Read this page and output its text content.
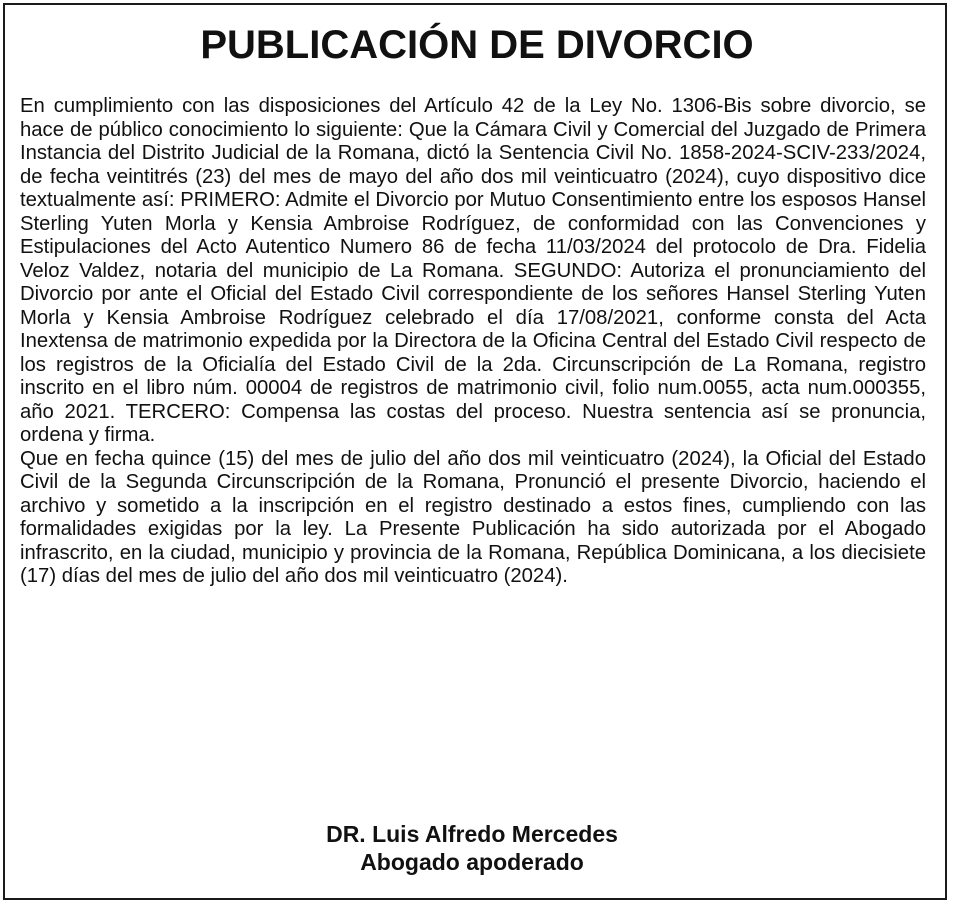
PUBLICACIÓN DE DIVORCIO

En cumplimiento con las disposiciones del Artículo 42 de la Ley No. 1306-Bis sobre divorcio, se hace de público conocimiento lo siguiente: Que la Cámara Civil y Comercial del Juzgado de Primera Instancia del Distrito Judicial de la Romana, dictó la Sentencia Civil No. 1858-2024-SCIV-233/2024, de fecha veintitrés (23) del mes de mayo del año dos mil veinticuatro (2024), cuyo dispositivo dice textualmente así: PRIMERO: Admite el Divorcio por Mutuo Consentimiento entre los esposos Hansel Sterling Yuten Morla y Kensia Ambroise Rodríguez, de conformidad con las Convenciones y Estipulaciones del Acto Autentico Numero 86 de fecha 11/03/2024 del protocolo de Dra. Fidelia Veloz Valdez, notaria del municipio de La Romana. SEGUNDO: Autoriza el pronunciamiento del Divorcio por ante el Oficial del Estado Civil correspondiente de los señores Hansel Sterling Yuten Morla y Kensia Ambroise Rodríguez celebrado el día 17/08/2021, conforme consta del Acta Inextensa de matrimonio expedida por la Directora de la Oficina Central del Estado Civil respecto de los registros de la Oficialía del Estado Civil de la 2da. Circunscripción de La Romana, registro inscrito en el libro núm. 00004 de registros de matrimonio civil, folio num.0055, acta num.000355, año 2021. TERCERO: Compensa las costas del proceso. Nuestra sentencia así se pronuncia, ordena y firma.

Que en fecha quince (15) del mes de julio del año dos mil veinticuatro (2024), la Oficial del Estado Civil de la Segunda Circunscripción de la Romana, Pronunció el presente Divorcio, haciendo el archivo y sometido a la inscripción en el registro destinado a estos fines, cumpliendo con las formalidades exigidas por la ley. La Presente Publicación ha sido autorizada por el Abogado infrascrito, en la ciudad, municipio y provincia de la Romana, República Dominicana, a los diecisiete (17) días del mes de julio del año dos mil veinticuatro (2024).

DR. Luis Alfredo Mercedes
Abogado apoderado
